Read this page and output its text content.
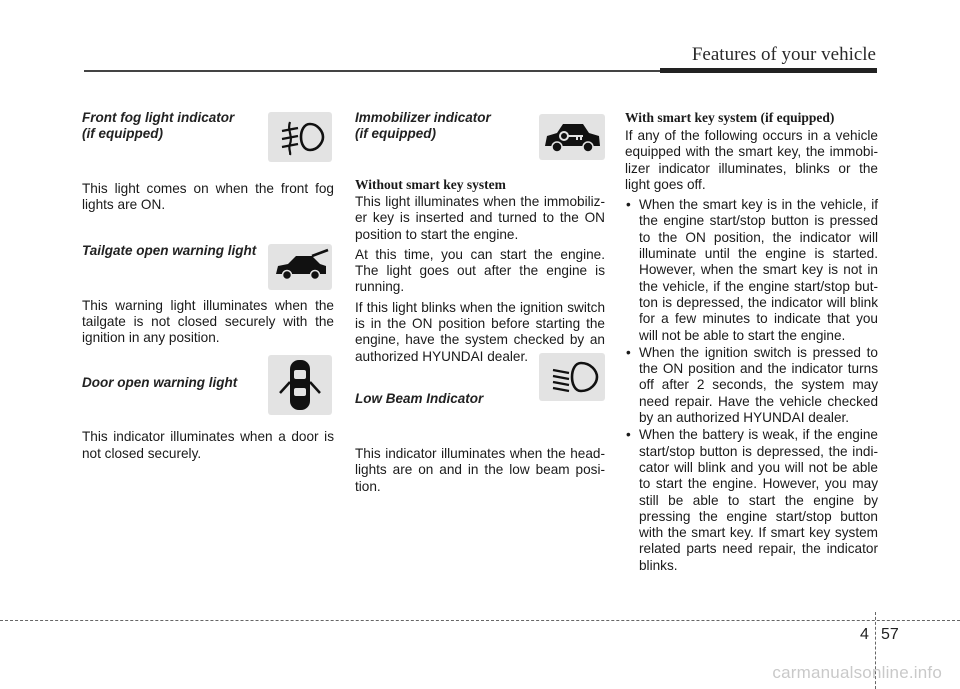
Features of your vehicle

Front fog light indicator
(if equipped)

This light comes on when the front fog lights are ON.

Tailgate open warning light

This warning light illuminates when the tailgate is not closed securely with the ignition in any position.

Door open warning light

This indicator illuminates when a door is not closed securely.

Immobilizer indicator
(if equipped)

Without smart key system

This light illuminates when the immobiliz-er key is inserted and turned to the ON position to start the engine.

At this time, you can start the engine. The light goes out after the engine is running.

If this light blinks when the ignition switch is in the ON position before starting the engine, have the system checked by an authorized HYUNDAI dealer.

Low Beam Indicator

This indicator illuminates when the head-lights are on and in the low beam posi-tion.

With smart key system (if equipped)

If any of the following occurs in a vehicle equipped with the smart key, the immobi-lizer indicator illuminates, blinks or the light goes off.

• When the smart key is in the vehicle, if the engine start/stop button is pressed to the ON position, the indicator will illuminate until the engine is started. However, when the smart key is not in the vehicle, if the engine start/stop but-ton is depressed, the indicator will blink for a few minutes to indicate that you will not be able to start the engine.
• When the ignition switch is pressed to the ON position and the indicator turns off after 2 seconds, the system may need repair. Have the vehicle checked by an authorized HYUNDAI dealer.
• When the battery is weak, if the engine start/stop button is depressed, the indi-cator will blink and you will not be able to start the engine. However, you may still be able to start the engine by pressing the engine start/stop button with the smart key. If smart key system related parts need repair, the indicator blinks.
4 57
carmanualsonline.info
